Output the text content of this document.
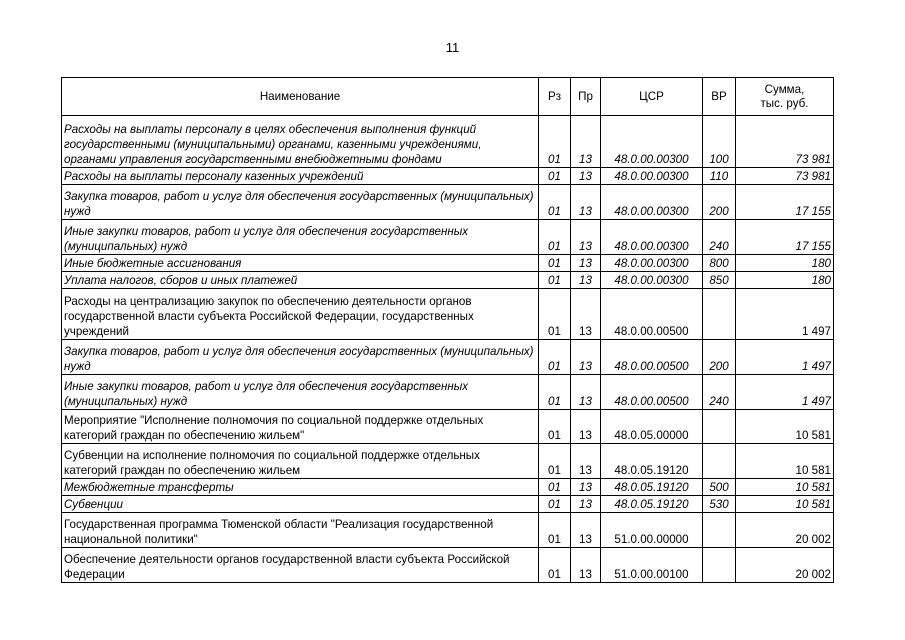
11
Наименование	Рз	Пр	ЦСР	ВР	Сумма,
тыс. руб.

Расходы на выплаты персоналу в целях обеспечения выполнения функций государственными (муниципальными) органами, казенными учреждениями, органами управления государственными внебюджетными фондами	01	13	48.0.00.00300	100	73 981
Расходы на выплаты персоналу казенных учреждений	01	13	48.0.00.00300	110	73 981
Закупка товаров, работ и услуг для обеспечения государственных (муниципальных) нужд	01	13	48.0.00.00300	200	17 155
Иные закупки товаров, работ и услуг для обеспечения государственных (муниципальных) нужд	01	13	48.0.00.00300	240	17 155
Иные бюджетные ассигнования	01	13	48.0.00.00300	800	180
Уплата налогов, сборов и иных платежей	01	13	48.0.00.00300	850	180
Расходы на централизацию закупок по обеспечению деятельности органов государственной власти субъекта Российской Федерации, государственных учреждений	01	13	48.0.00.00500		1 497
Закупка товаров, работ и услуг для обеспечения государственных (муниципальных) нужд	01	13	48.0.00.00500	200	1 497
Иные закупки товаров, работ и услуг для обеспечения государственных (муниципальных) нужд	01	13	48.0.00.00500	240	1 497
Мероприятие "Исполнение полномочия по социальной поддержке отдельных категорий граждан по обеспечению жильем"	01	13	48.0.05.00000		10 581
Субвенции на исполнение полномочия по социальной поддержке отдельных категорий граждан по обеспечению жильем	01	13	48.0.05.19120		10 581
Межбюджетные трансферты	01	13	48.0.05.19120	500	10 581
Субвенции	01	13	48.0.05.19120	530	10 581
Государственная программа Тюменской области "Реализация государственной национальной политики"	01	13	51.0.00.00000		20 002
Обеспечение деятельности органов государственной власти субъекта Российской Федерации	01	13	51.0.00.00100		20 002
